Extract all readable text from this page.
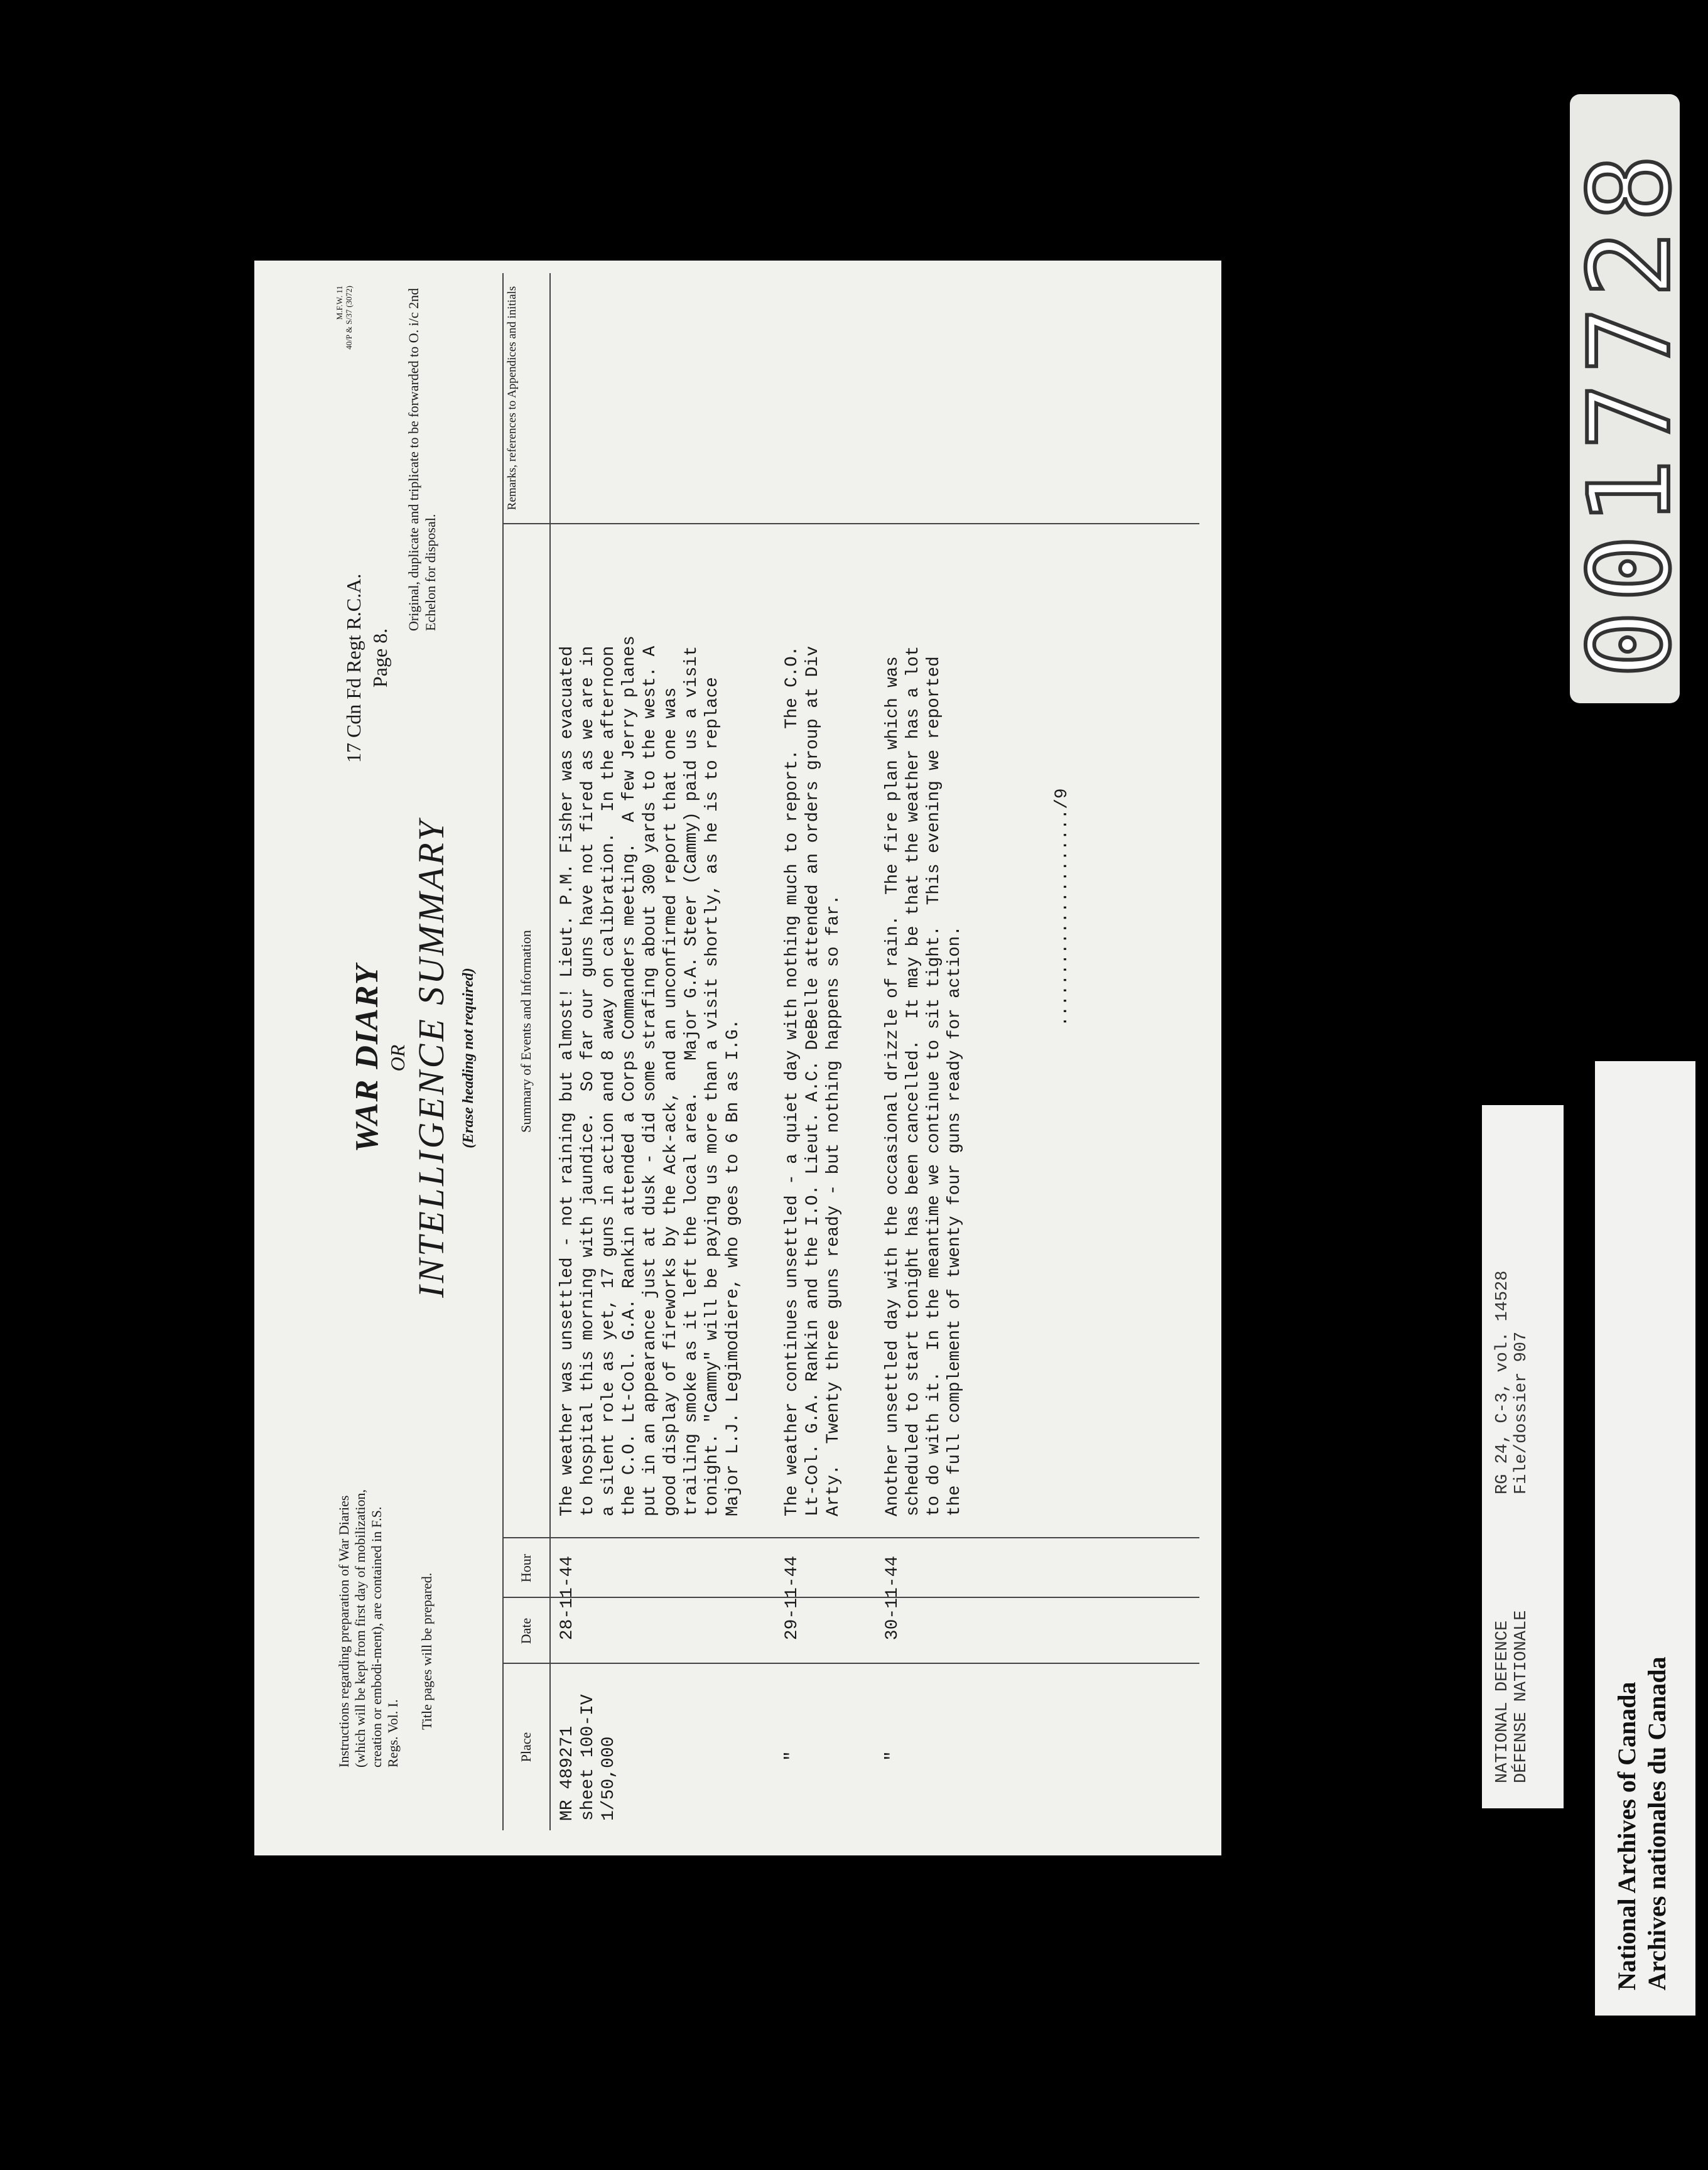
WAR DIARY OR INTELLIGENCE SUMMARY (Erase heading not required)
Instructions regarding preparation of War Diaries (which will be kept from first day of mobilization, creation or embodi-ment), are contained in F.S. Regs. Vol. I.
Title pages will be prepared.
17 Cdn Fd Regt R.C.A. Page 8.
M.F.W. 11 40/P & S/37 (3072)	Original, duplicate and triplicate to be forwarded to O. i/c 2nd Echelon for disposal.
Place
Date
Hour
Summary of Events and Information
Remarks, references to Appendices and initials
MR 489271
sheet 100-IV
1/50,000
28-11-44
The weather was unsettled - not raining but almost! Lieut. P.M. Fisher was evacuated
to hospital this morning with jaundice.  So far our guns have not fired as we are in
a silent role as yet, 17 guns in action and 8 away on calibration.  In the afternoon
the C.O. Lt-Col. G.A. Rankin attended a Corps Commanders meeting.  A few Jerry planes
put in an appearance just at dusk - did some strafing about 300 yards to the west. A
good display of fireworks by the Ack-ack, and an unconfirmed report that one was
trailing smoke as it left the local area.   Major G.A. Steer (Cammy) paid us a visit
tonight. "Cammy" will be paying us more than a visit shortly, as he is to replace
Major L.J. Legimodiere, who goes to 6 Bn as I.G.
"
29-11-44
The weather continues unsettled - a quiet day with nothing much to report.  The C.O.
Lt-Col. G.A. Rankin and the I.O. Lieut. A.C. DeBelle attended an orders group at Div
Arty.  Twenty three guns ready - but nothing happens so far.
"
30-11-44
Another unsettled day with the occasional drizzle of rain.  The fire plan which was
scheduled to start tonight has been cancelled.  It may be that the weather has a lot
to do with it.  In the meantime we continue to sit tight.  This evening we reported
the full complement of twenty four guns ready for action.	...................../9
NATIONAL DEFENCE DÉFENSE NATIONALE
RG 24, C-3, vol. 14528 File/dossier 907
National Archives of Canada Archives nationales du Canada
0017728
